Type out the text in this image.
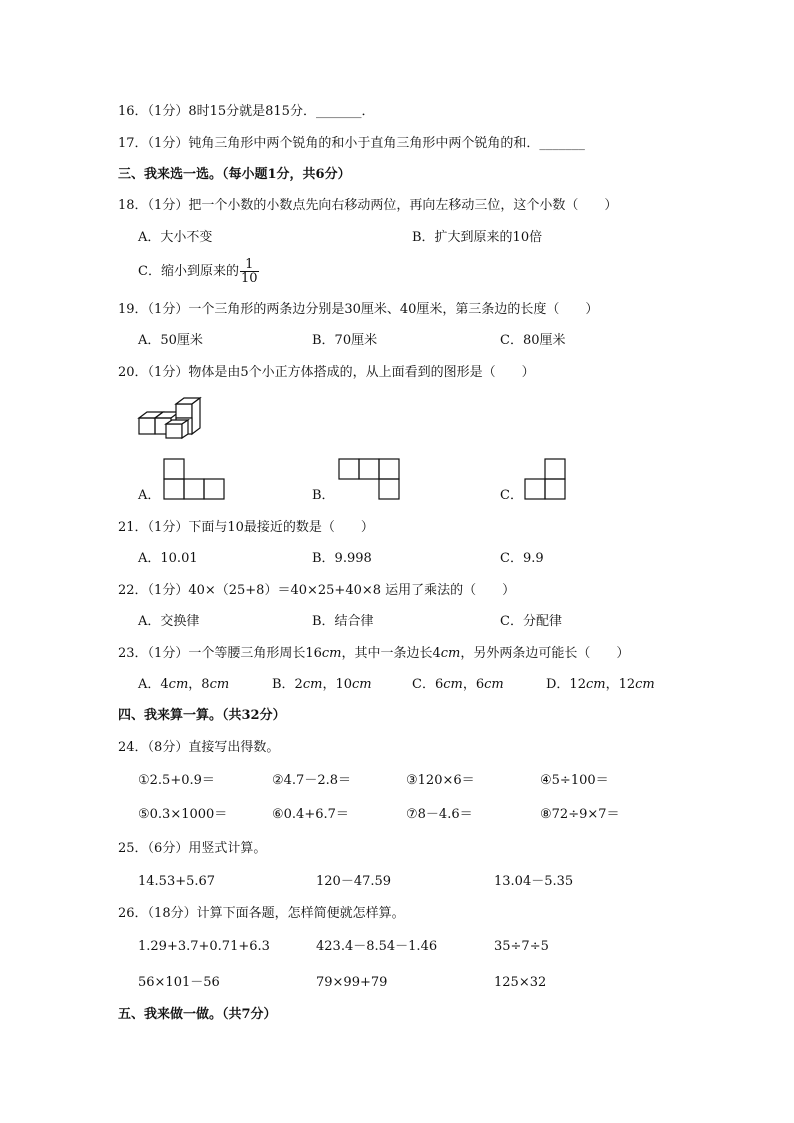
16．（1分）8时15分就是815分．_______．
17．（1分）钝角三角形中两个锐角的和小于直角三角形中两个锐角的和．_______
三、我来选一选。（每小题1分，共6分）
18．（1分）把一个小数的小数点先向右移动两位，再向左移动三位，这个小数（　　）
A．大小不变	B．扩大到原来的10倍
C．缩小到原来的 $\frac{1}{10}$
19．（1分）一个三角形的两条边分别是30厘米、40厘米，第三条边的长度（　　）
A．50厘米	B．70厘米	C．80厘米
20．（1分）物体是由5个小正方体搭成的，从上面看到的图形是（　　）
A．	B．	C．
21．（1分）下面与10最接近的数是（　　）
A．10.01	B．9.998	C．9.9
22．（1分）40×（25+8）＝40×25+40×8 运用了乘法的（　　）
A．交换律	B．结合律	C．分配律
23．（1分）一个等腰三角形周长16cm，其中一条边长4cm，另外两条边可能长（　　）
A．4cm，8cm	B．2cm，10cm	C．6cm，6cm	D．12cm，12cm
四、我来算一算。（共32分）
24．（8分）直接写出得数。
①2.5+0.9＝	②4.7－2.8＝	③120×6＝	④5÷100＝
⑤0.3×1000＝	⑥0.4+6.7＝	⑦8－4.6＝	⑧72÷9×7＝
25．（6分）用竖式计算。
14.53+5.67	120－47.59	13.04－5.35
26．（18分）计算下面各题，怎样简便就怎样算。
1.29+3.7+0.71+6.3	423.4－8.54－1.46	35÷7÷5
56×101－56	79×99+79	125×32
五、我来做一做。（共7分）
